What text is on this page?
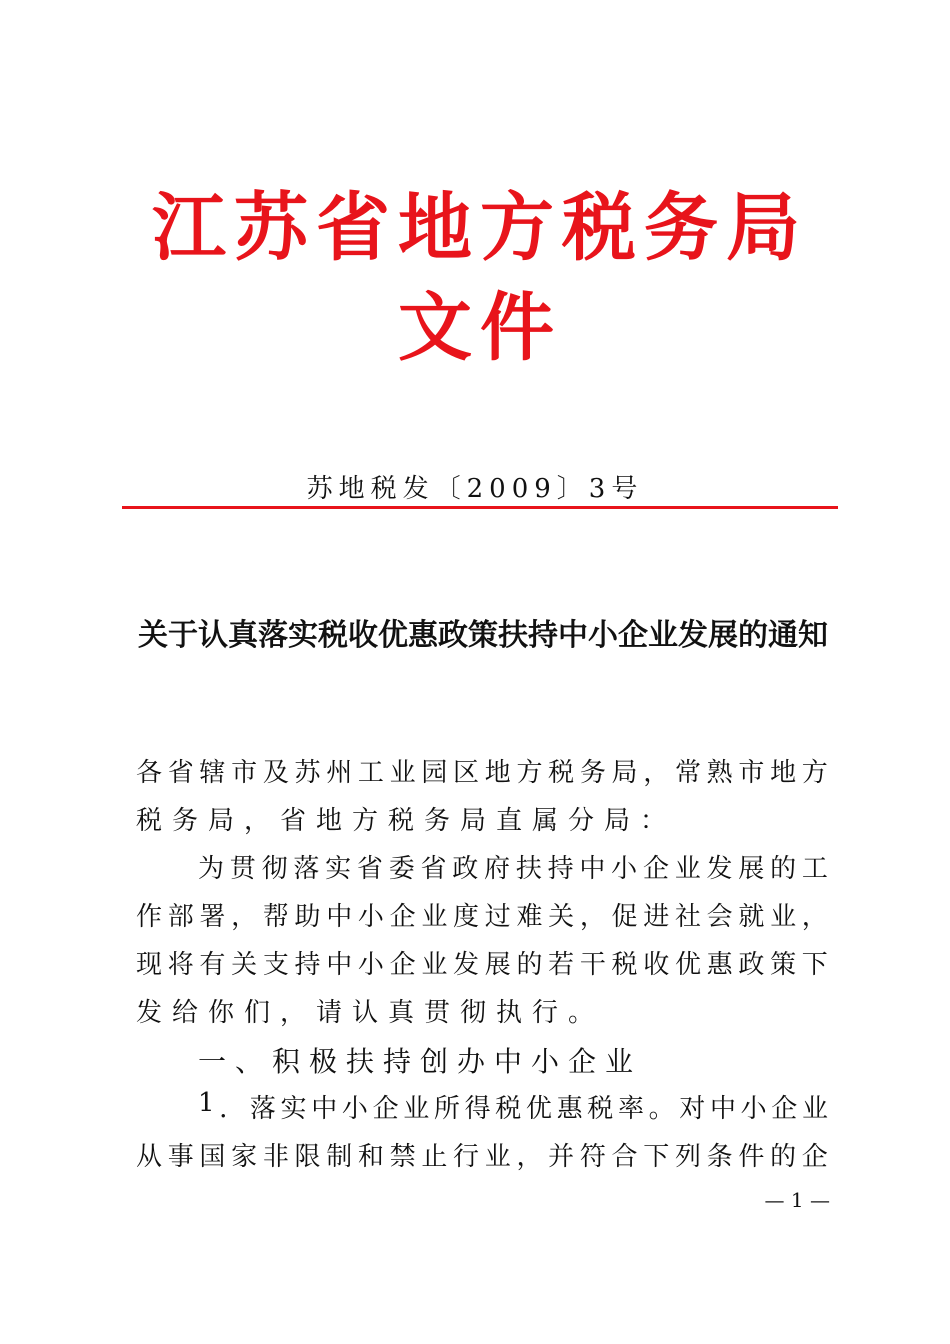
江苏省地方税务局文件
苏地税发〔2009〕3号
关于认真落实税收优惠政策扶持中小企业发展的通知
各 省 辖 市 及 苏 州 工 业 园 区 地 方 税 务 局 ， 常 熟 市 地 方
税务局，省地方税务局直属分局：
为 贯 彻 落 实 省 委 省 政 府 扶 持 中 小 企 业 发 展 的 工
作 部 署 ， 帮 助 中 小 企 业 度 过 难 关 ， 促 进 社 会 就 业 ，
现 将 有 关 支 持 中 小 企 业 发 展 的 若 干 税 收 优 惠 政 策 下
发给你们，请认真贯彻执行。
一、积极扶持创办中小企业
1 ． 落 实 中 小 企 业 所 得 税 优 惠 税 率 。 对 中 小 企 业
从 事 国 家 非 限 制 和 禁 止 行 业 ， 并 符 合 下 列 条 件 的 企
— 1 —
